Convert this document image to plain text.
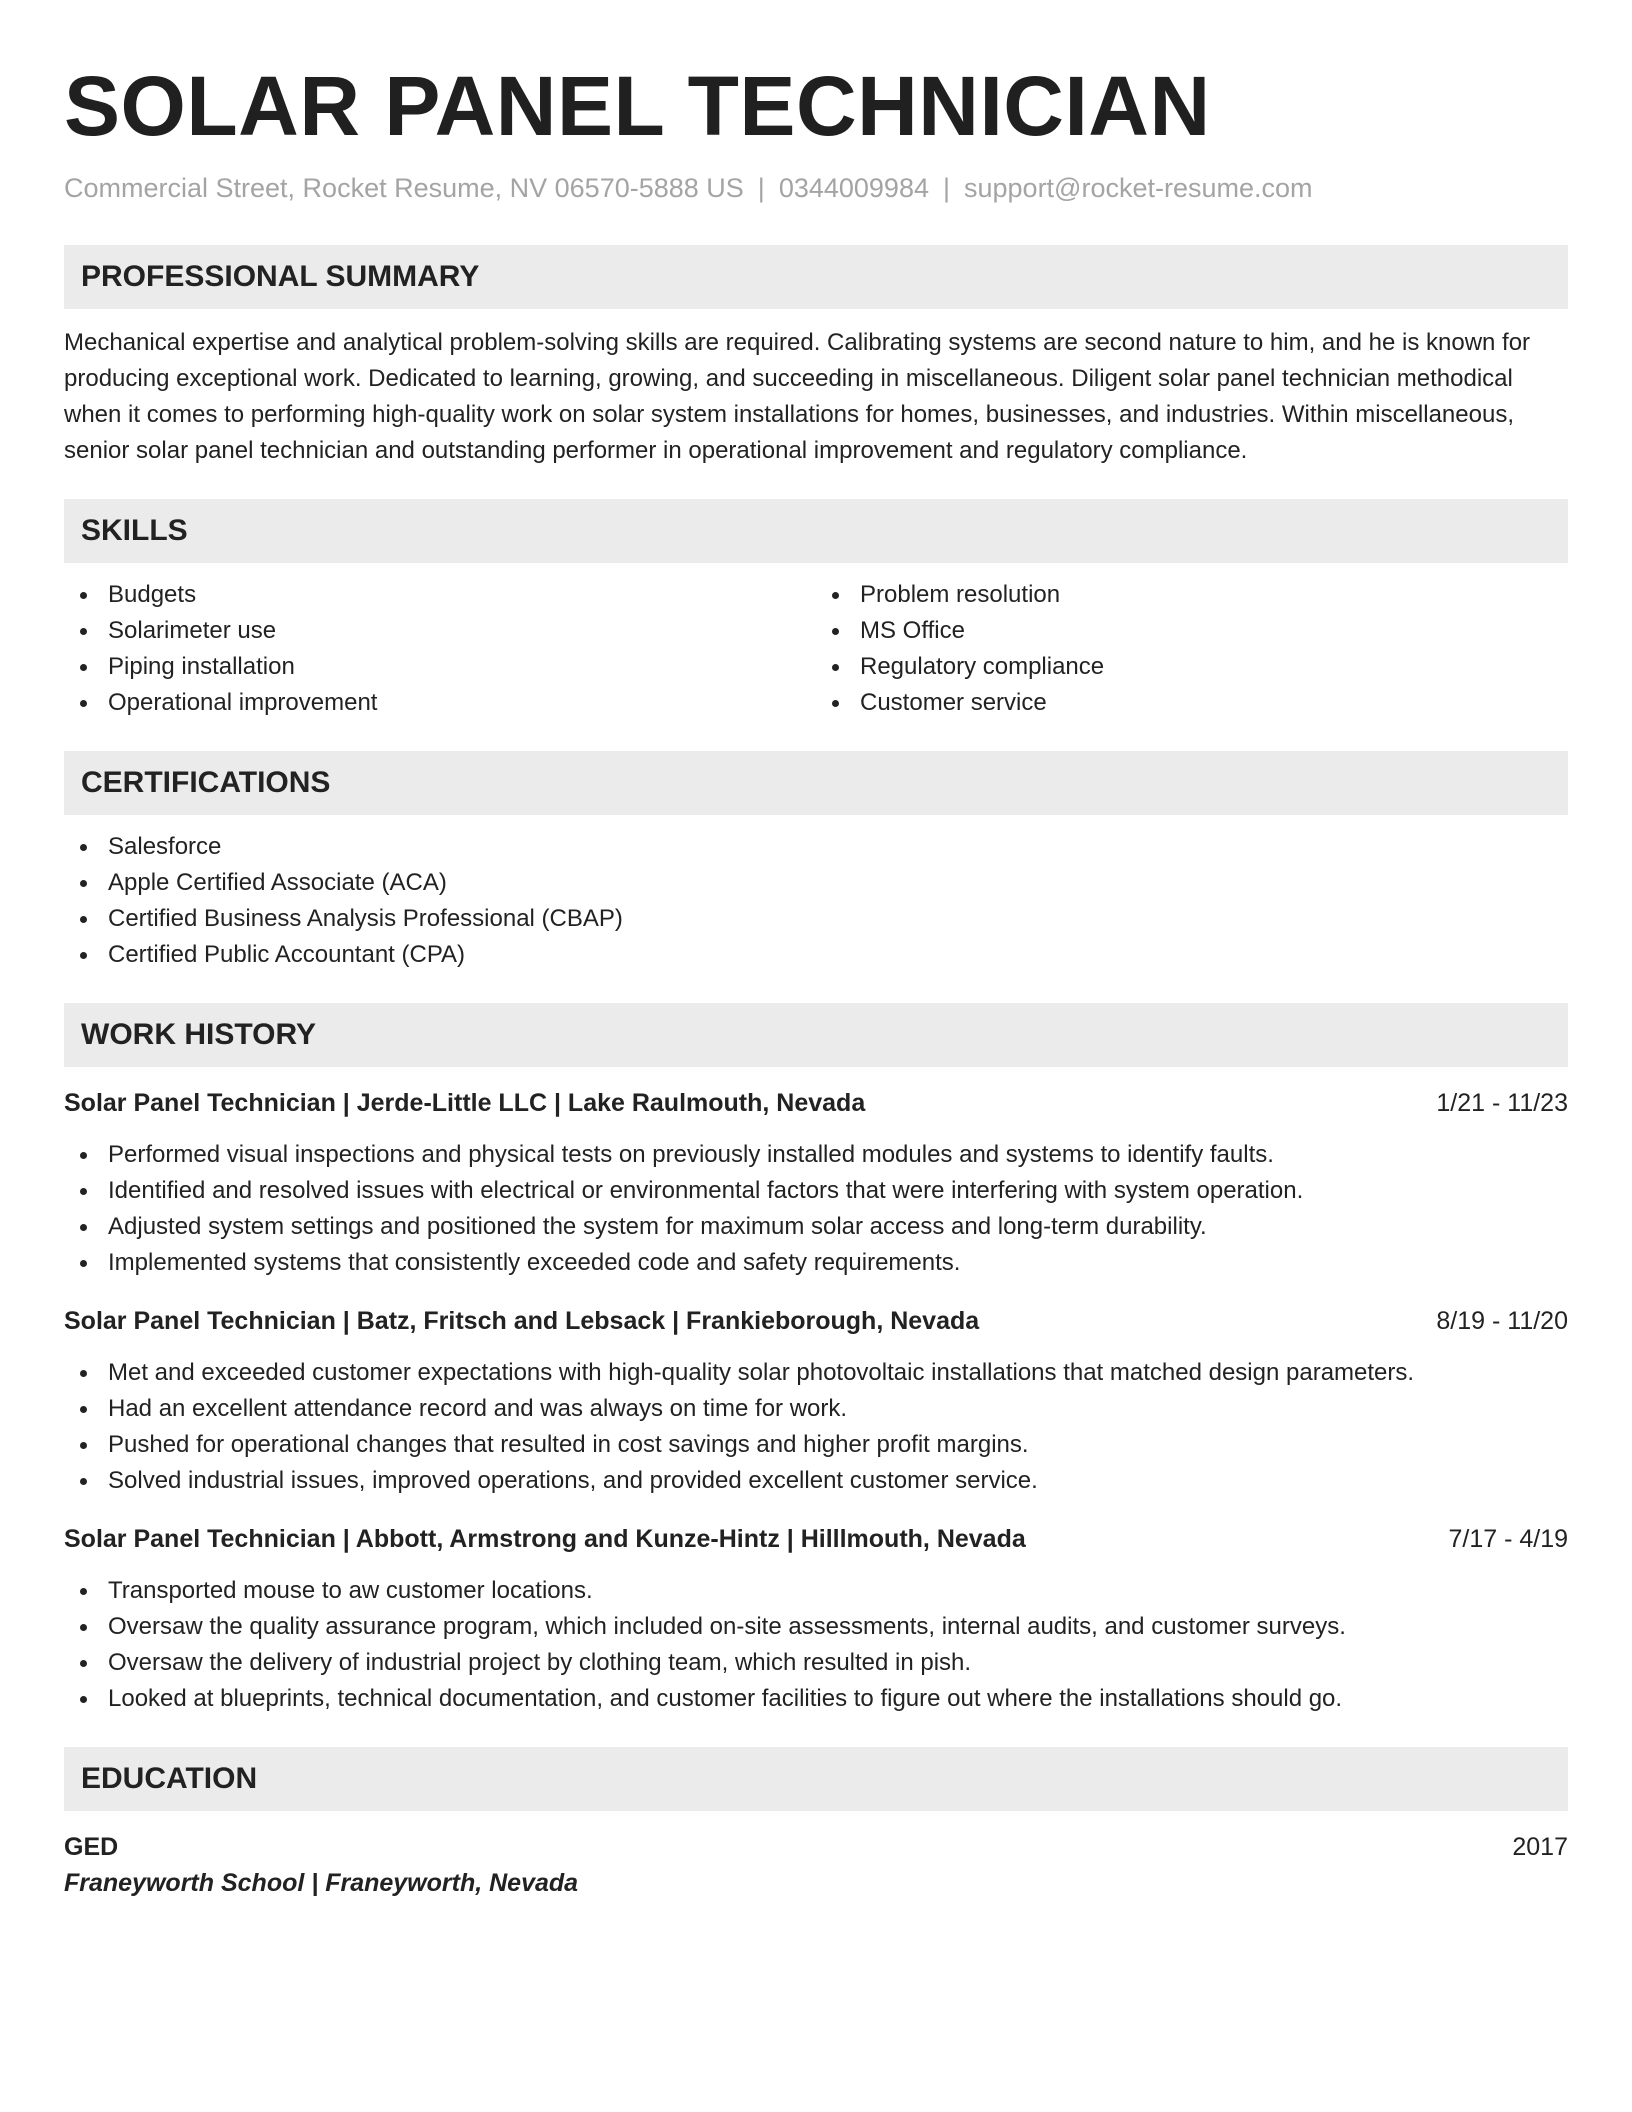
SOLAR PANEL TECHNICIAN
Commercial Street, Rocket Resume, NV 06570-5888 US | 0344009984 | support@rocket-resume.com
PROFESSIONAL SUMMARY

Mechanical expertise and analytical problem-solving skills are required. Calibrating systems are second nature to him, and he is known for producing exceptional work. Dedicated to learning, growing, and succeeding in miscellaneous. Diligent solar panel technician methodical when it comes to performing high-quality work on solar system installations for homes, businesses, and industries. Within miscellaneous, senior solar panel technician and outstanding performer in operational improvement and regulatory compliance.

SKILLS
Budgets
Solarimeter use
Piping installation
Operational improvement
Problem resolution
MS Office
Regulatory compliance
Customer service
CERTIFICATIONS
Salesforce
Apple Certified Associate (ACA)
Certified Business Analysis Professional (CBAP)
Certified Public Accountant (CPA)
WORK HISTORY
Solar Panel Technician | Jerde-Little LLC | Lake Raulmouth, Nevada	1/21 - 11/23
Performed visual inspections and physical tests on previously installed modules and systems to identify faults.
Identified and resolved issues with electrical or environmental factors that were interfering with system operation.
Adjusted system settings and positioned the system for maximum solar access and long-term durability.
Implemented systems that consistently exceeded code and safety requirements.
Solar Panel Technician | Batz, Fritsch and Lebsack | Frankieborough, Nevada	8/19 - 11/20
Met and exceeded customer expectations with high-quality solar photovoltaic installations that matched design parameters.
Had an excellent attendance record and was always on time for work.
Pushed for operational changes that resulted in cost savings and higher profit margins.
Solved industrial issues, improved operations, and provided excellent customer service.
Solar Panel Technician | Abbott, Armstrong and Kunze-Hintz | Hilllmouth, Nevada	7/17 - 4/19
Transported mouse to aw customer locations.
Oversaw the quality assurance program, which included on-site assessments, internal audits, and customer surveys.
Oversaw the delivery of industrial project by clothing team, which resulted in pish.
Looked at blueprints, technical documentation, and customer facilities to figure out where the installations should go.
EDUCATION
GED	2017
Franeyworth School | Franeyworth, Nevada
